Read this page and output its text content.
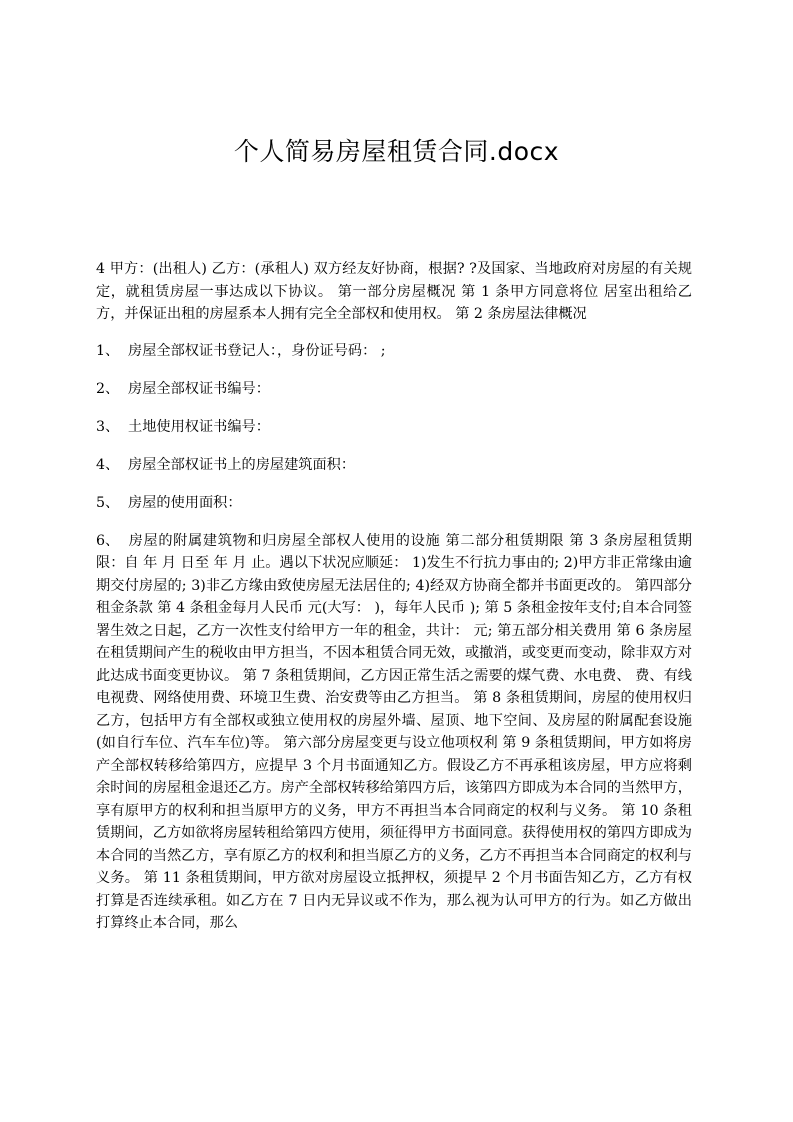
个人简易房屋租赁合同.docx

4 甲方：(出租人) 乙方：(承租人) 双方经友好协商，根据? ?及国家、当地政府对房屋的有关规定，就租赁房屋一事达成以下协议。 第一部分房屋概况 第 1 条甲方同意将位 居室出租给乙方，并保证出租的房屋系本人拥有完全全部权和使用权。 第 2 条房屋法律概况

1、 房屋全部权证书登记人：，身份证号码： ;

2、 房屋全部权证书编号：

3、 土地使用权证书编号：

4、 房屋全部权证书上的房屋建筑面积：

5、 房屋的使用面积：

6、 房屋的附属建筑物和归房屋全部权人使用的设施 第二部分租赁期限 第 3 条房屋租赁期限：自 年 月 日至 年 月 止。遇以下状况应顺延： 1)发生不行抗力事由的; 2)甲方非正常缘由逾期交付房屋的; 3)非乙方缘由致使房屋无法居住的; 4)经双方协商全都并书面更改的。 第四部分租金条款 第 4 条租金每月人民币 元(大写： )，每年人民币 ); 第 5 条租金按年支付;自本合同签署生效之日起，乙方一次性支付给甲方一年的租金，共计： 元; 第五部分相关费用 第 6 条房屋在租赁期间产生的税收由甲方担当，不因本租赁合同无效，或撤消，或变更而变动，除非双方对此达成书面变更协议。 第 7 条租赁期间，乙方因正常生活之需要的煤气费、水电费、 费、有线电视费、网络使用费、环境卫生费、治安费等由乙方担当。 第 8 条租赁期间，房屋的使用权归乙方，包括甲方有全部权或独立使用权的房屋外墙、屋顶、地下空间、及房屋的附属配套设施(如自行车位、汽车车位)等。 第六部分房屋变更与设立他项权利 第 9 条租赁期间，甲方如将房产全部权转移给第四方，应提早 3 个月书面通知乙方。假设乙方不再承租该房屋，甲方应将剩余时间的房屋租金退还乙方。房产全部权转移给第四方后，该第四方即成为本合同的当然甲方，享有原甲方的权利和担当原甲方的义务，甲方不再担当本合同商定的权利与义务。 第 10 条租赁期间，乙方如欲将房屋转租给第四方使用，须征得甲方书面同意。获得使用权的第四方即成为本合同的当然乙方，享有原乙方的权利和担当原乙方的义务，乙方不再担当本合同商定的权利与义务。 第 11 条租赁期间，甲方欲对房屋设立抵押权，须提早 2 个月书面告知乙方，乙方有权打算是否连续承租。如乙方在 7 日内无异议或不作为，那么视为认可甲方的行为。如乙方做出打算终止本合同，那么
